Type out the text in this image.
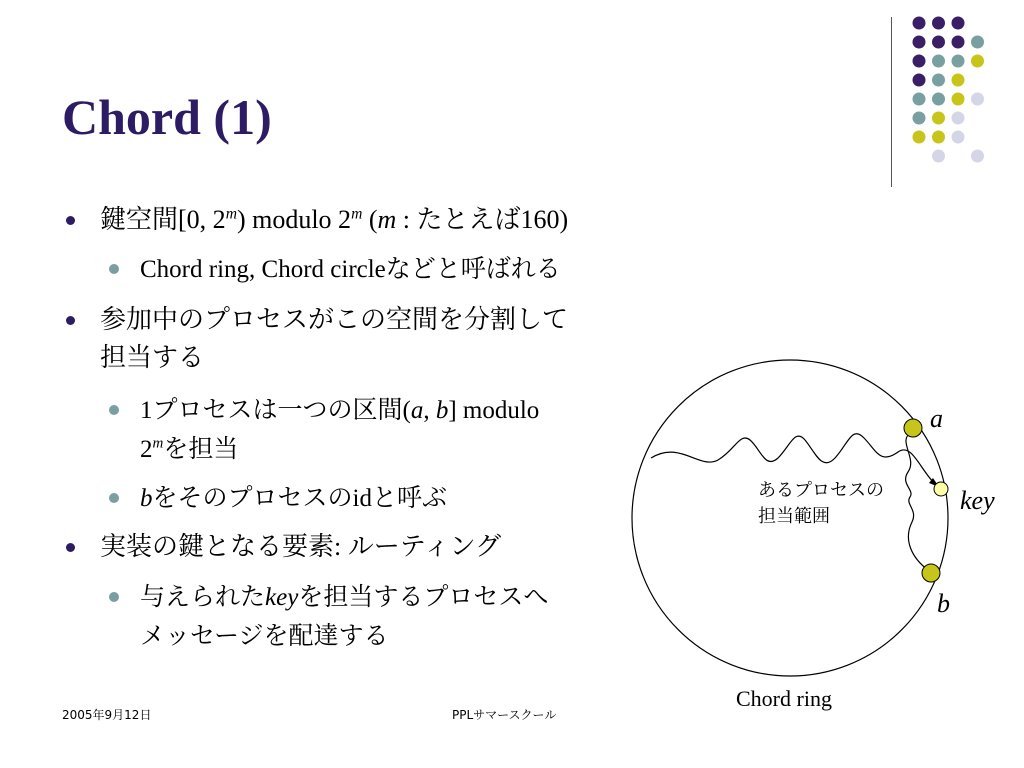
Chord (1)
鍵空間[0, 2$^m$) modulo 2$^m$ (m : たとえば160)
Chord ring, Chord circleなどと呼ばれる
参加中のプロセスがこの空間を分割して
担当する
1プロセスは一つの区間(a, b] modulo
2$^m$を担当
bをそのプロセスのidと呼ぶ
実装の鍵となる要素: ルーティング
与えられたkeyを担当するプロセスへ
メッセージを配達する
あるプロセスの担当範囲
a
key
b
Chord ring
2005年9月12日	PPLサマースクール
